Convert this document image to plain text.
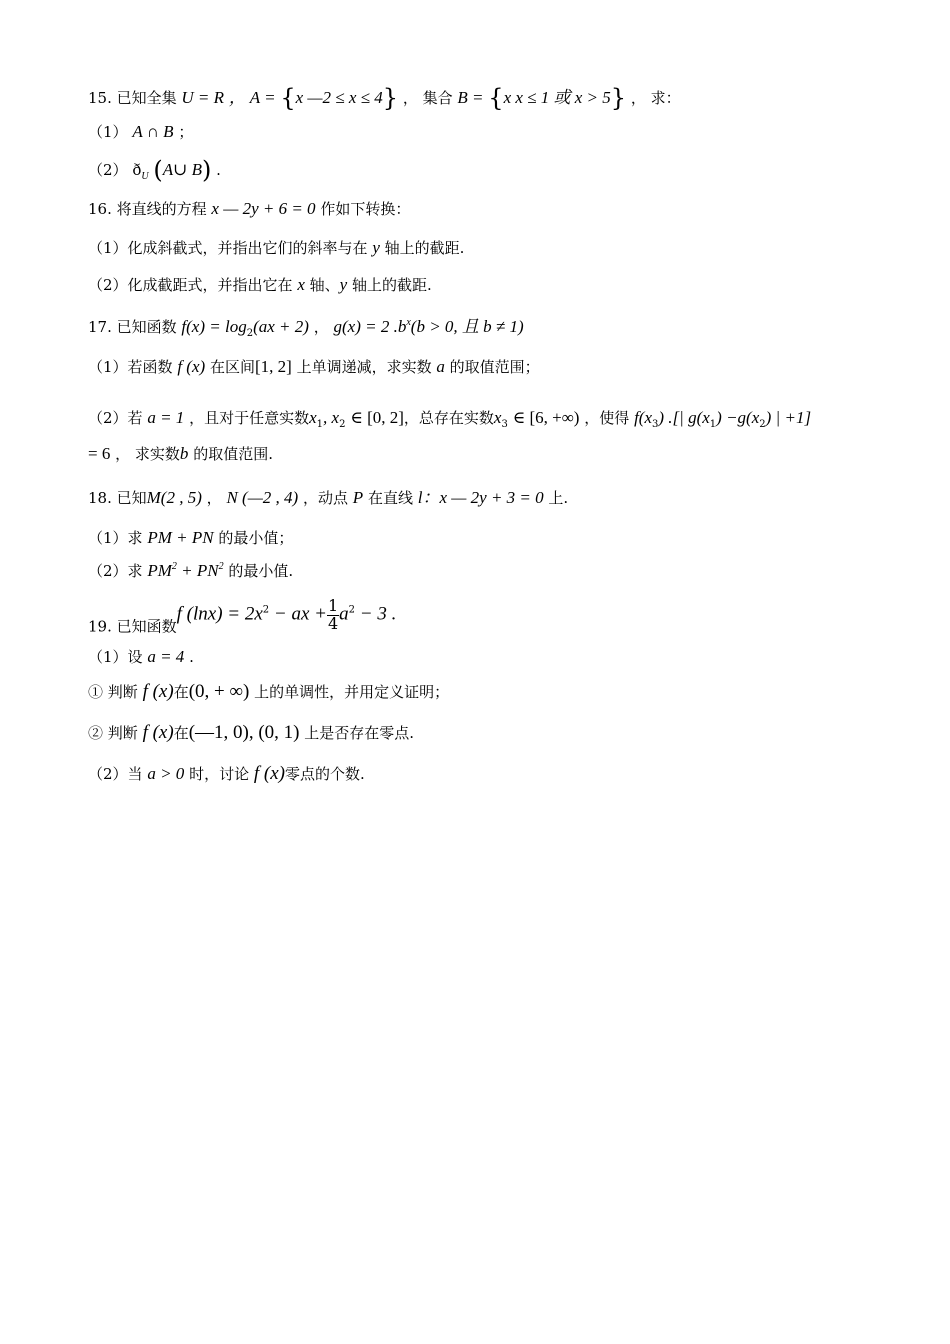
15. 已知全集 U = R ， A = {x —2 ≤ x ≤ 4} ， 集合 B = {x x ≤ 1 或 x > 5} ， 求：
（1） A ∩ B ；
（2） $ð_U$ (A∪ B) .
16. 将直线的方程 x — 2y + 6 = 0 作如下转换：
（1）化成斜截式，并指出它们的斜率与在 y 轴上的截距.
（2）化成截距式，并指出它在 x 轴、y 轴上的截距.
17. 已知函数 $f(x) = \log_2(ax + 2)$ ， g(x) = 2 $.b^x(b > 0$, 且 b ≠ 1)
（1）若函数 f (x) 在区间[1, 2] 上单调递减，求实数 a 的取值范围；
（2）若 a = 1 ，且对于任意实数$x_1$, $x_2$ ∈ [0, 2]，总存在实数$x_3$ ∈ [6, +∞) ，使得 $f(x_3)$ .[| $g(x_1) -g(x_2)$ | +1]
= 6 ， 求实数b 的取值范围.
18. 已知M(2 , 5) ， N (—2 , 4) ，动点 P 在直线 l：x — 2y + 3 = 0 上.
（1）求 PM + PN 的最小值；
（2）求 $PM^2 + PN^2$ 的最小值.
19. 已知函数f $(\ln x) = 2x^2$ − ax + $\frac{1}{4} a^2 - 3$ .
（1）设 a = 4 .
① 判断 f (x)在(0, + ∞) 上的单调性，并用定义证明；
② 判断 f (x)在(—1, 0), (0, 1) 上是否存在零点.
（2）当 a > 0 时，讨论 f (x)零点的个数.
